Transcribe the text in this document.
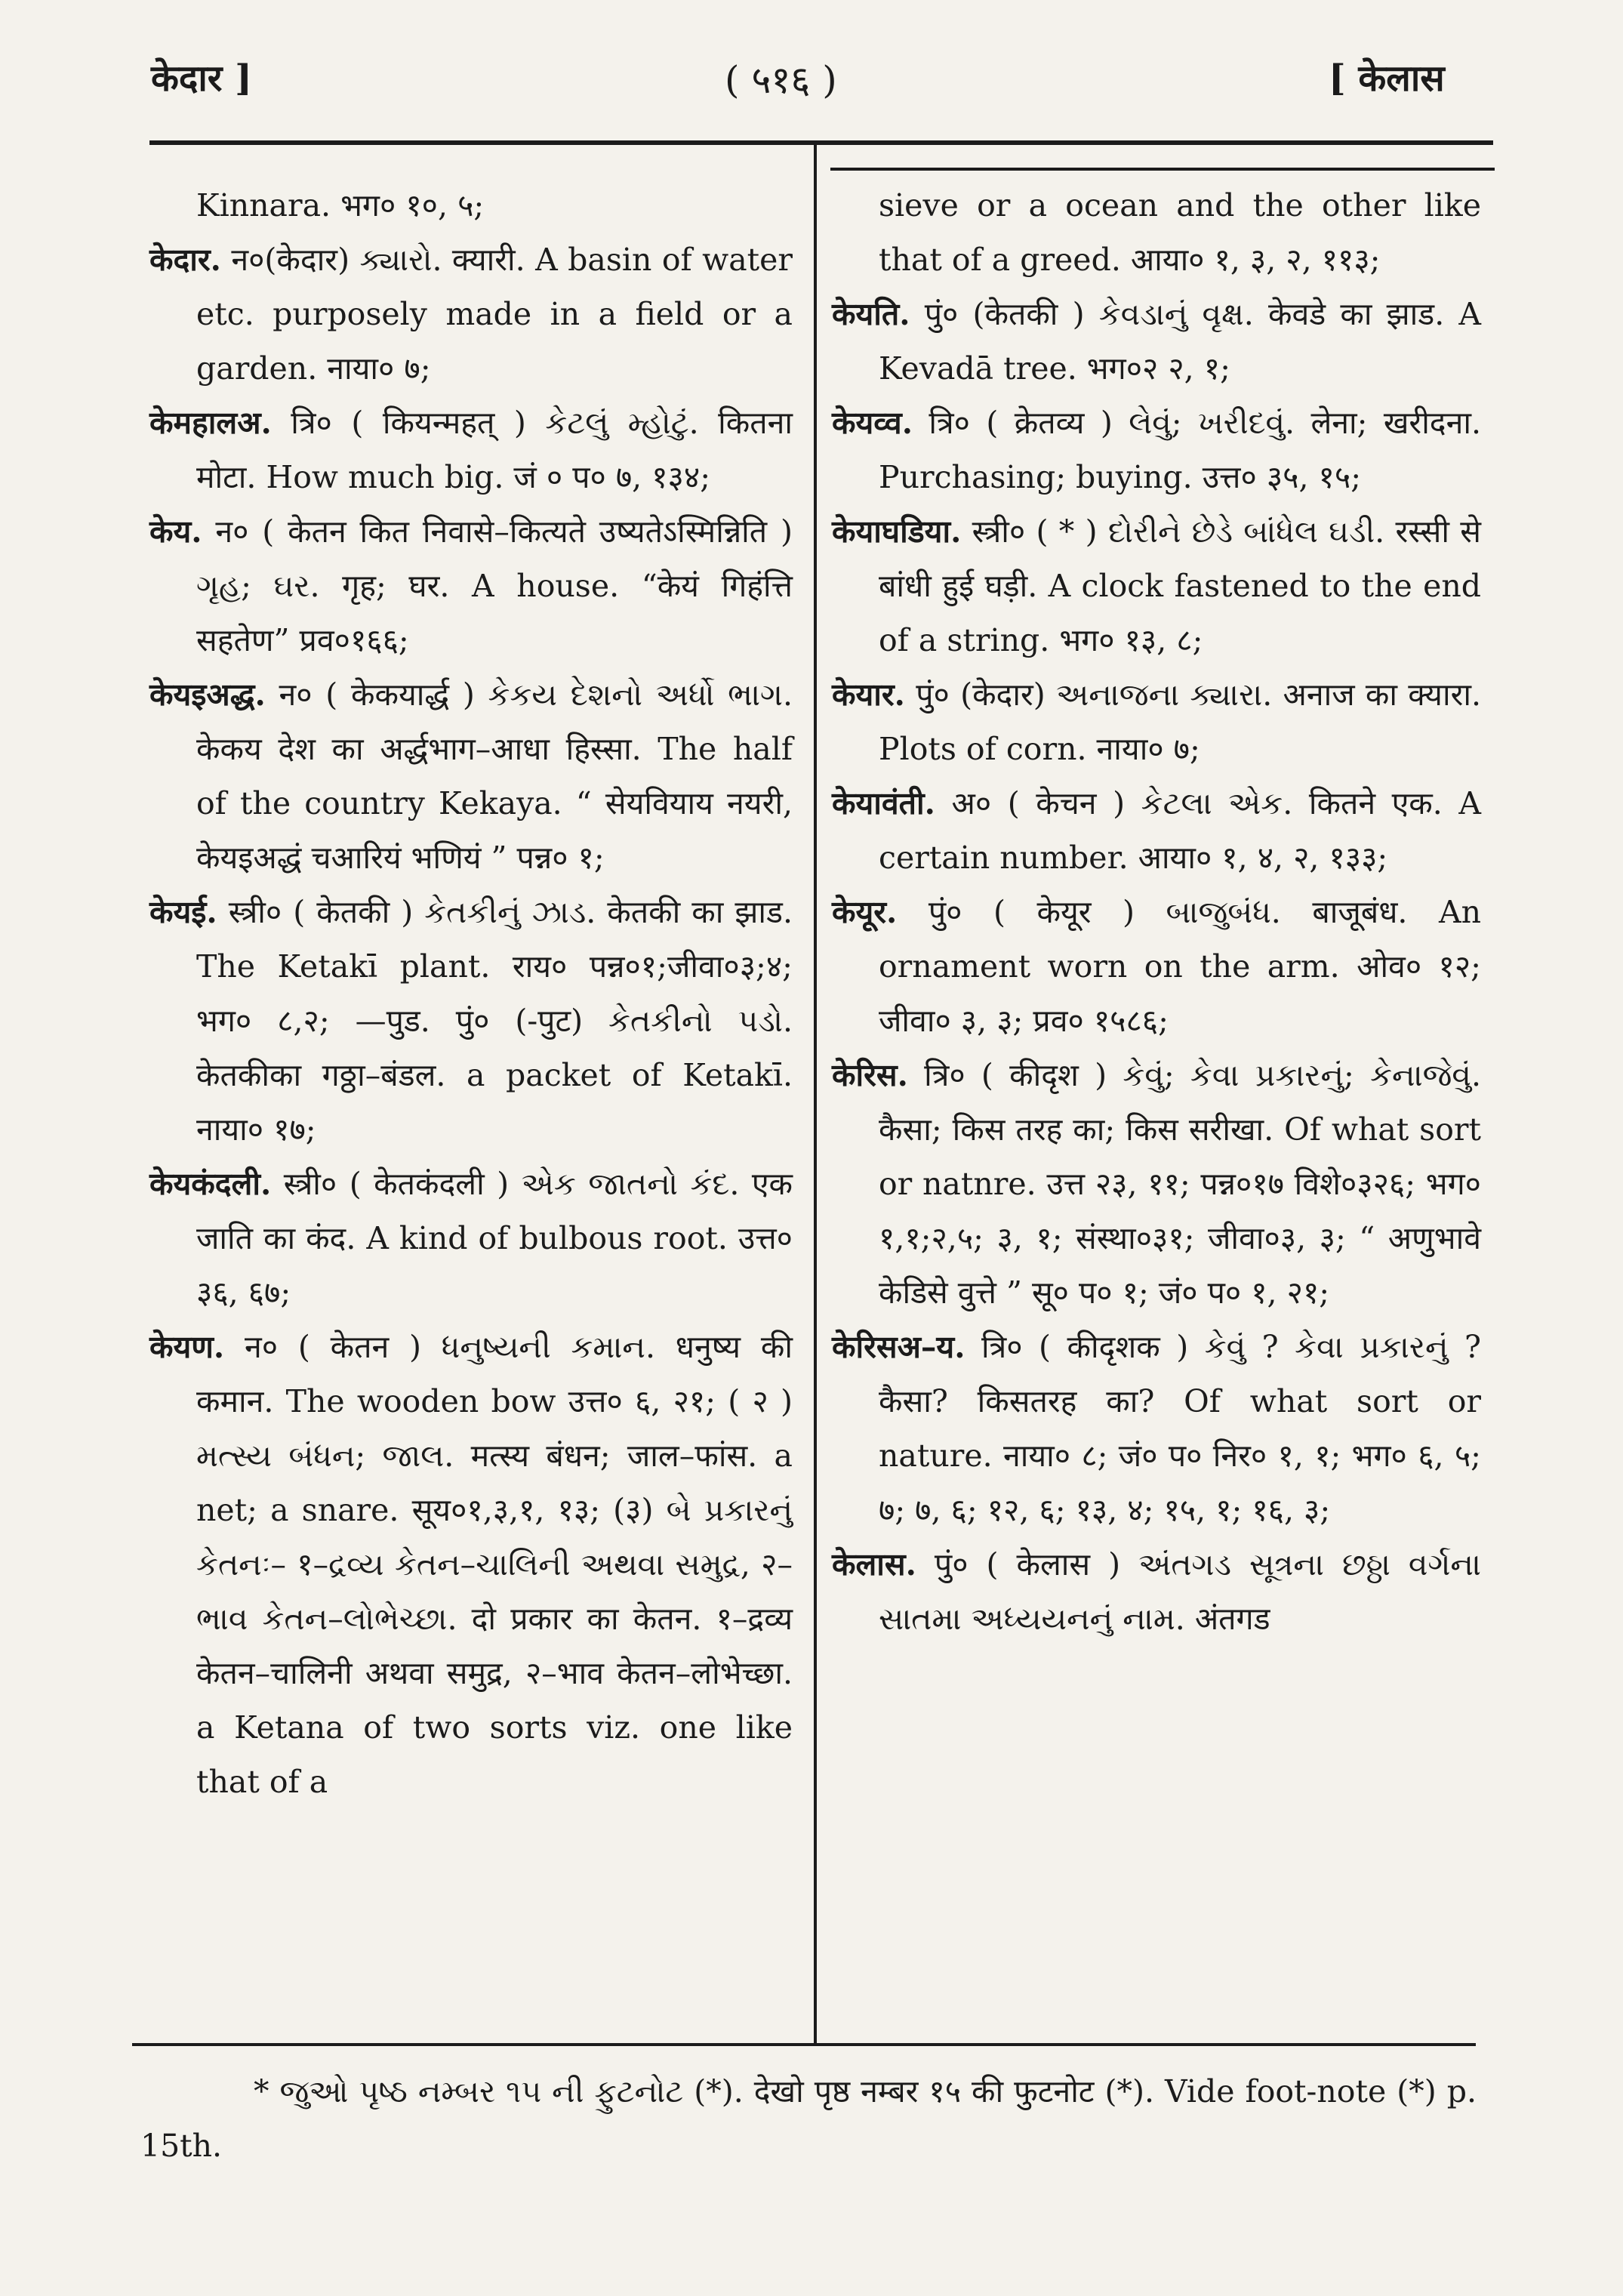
केदार ]	( ५१६ )	[ केलास

Kinnara. भग० १०, ५;

केदार. न०(केदार) ક્યારો. क्यारी. A basin of water etc. purposely made in a field or a garden. नाया० ७;

केमहालअ. त्रि० ( कियन्महत् ) કેટલું મ્હોટું. कितना मोटा. How much big. जं ० प० ७, १३४;

केय. न० ( केतन कित निवासे–कित्यते उष्यतेऽस्मिन्निति ) ગૃહ; ઘર. गृह; घर. A house. “केयं गिहंत्ति सहतेण” प्रव०१६६;

केयइअद्ध. न० ( केकयार्द्ध ) કેકય દેશનો અર્ધો ભાગ. केकय देश का अर्द्धभाग–आधा हिस्सा. The half of the country Kekaya. “ सेयवियाय नयरी, केयइअद्धं चआरियं भणियं ” पन्न० १;

केयई. स्त्री० ( केतकी ) કેતકીનું ઝાડ. केतकी का झाड. The Ketakī plant. राय० पन्न०१;जीवा०३;४; भग० ८,२; —पुड. पुं० (-पुट) કેતકીનો પડો. केतकीका गठ्ठा–बंडल. a packet of Ketakī. नाया० १७;

केयकंदली. स्त्री० ( केतकंदली ) એક જાતનો કંદ. एक जाति का कंद. A kind of bulbous root. उत्त० ३६, ६७;

केयण. न० ( केतन ) ધનુષ્યની કમાન. धनुष्य की कमान. The wooden bow उत्त० ६, २१; ( २ ) મત્સ્ય બંધન; જાલ. मत्स्य बंधन; जाल–फांस. a net; a snare. सूय०१,३,१, १३; (३) બે પ્રકારનું કેતનઃ– १–દ્રવ્ય કેતન–ચાલિની અથવા સમુદ્ર, २–ભાવ કેતન–લોભેચ્છા. दो प्रकार का केतन. १–द्रव्य केतन–चालिनी अथवा समुद्र, २–भाव केतन–लोभेच्छा. a Ketana of two sorts viz. one like that of a

sieve or a ocean and the other like that of a greed. आया० १, ३, २, ११३;

केयति. पुं० (केतकी ) કેવડાનું વૃક્ષ. केवडे का झाड. A Kevadā tree. भग०२ २, १;

केयव्व. त्रि० ( क्रेतव्य ) લેવું; ખરીદવું. लेना; खरीदना. Purchasing; buying. उत्त० ३५, १५;

केयाघडिया. स्त्री० ( * ) દોરીને છેડે બાંધેલ ઘડી. रस्सी से बांधी हुई घड़ी. A clock fastened to the end of a string. भग० १३, ८;

केयार. पुं० (केदार) અનાજના ક્યારા. अनाज का क्यारा. Plots of corn. नाया० ७;

केयावंती. अ० ( केचन ) કેટલા એક. कितने एक. A certain number. आया० १, ४, २, १३३;

केयूर. पुं० ( केयूर ) બાજુબંધ. बाजूबंध. An ornament worn on the arm. ओव० १२; जीवा० ३, ३; प्रव० १५८६;

केरिस. त्रि० ( कीदृश ) કેવું; કેવા પ્રકારનું; કેનાજેવું. कैसा; किस तरह का; किस सरीखा. Of what sort or natnre. उत्त २३, ११; पन्न०१७ विशे०३२६; भग० १,१;२,५; ३, १; संस्था०३१; जीवा०३, ३; “ अणुभावे केडिसे वुत्ते ” सू० प० १; जं० प० १, २१;

केरिसअ–य. त्रि० ( कीदृशक ) કેવું ? કેવા પ્રકારનું ? कैसा? किसतरह का? Of what sort or nature. नाया० ८; जं० प० निर० १, १; भग० ६, ५; ७; ७, ६; १२, ६; १३, ४; १५, १; १६, ३;

केलास. पुं० ( केलास ) અંતગડ સૂત્રના છઠ્ઠા વર્ગના સાતમા અધ્યયનનું નામ. अंतगड

* જુઓ પૃષ્ઠ નમ્બર ૧૫ ની ફુટનોટ (*). देखो पृष्ठ नम्बर १५ की फुटनोट (*). Vide foot-note (*) p. 15th.
